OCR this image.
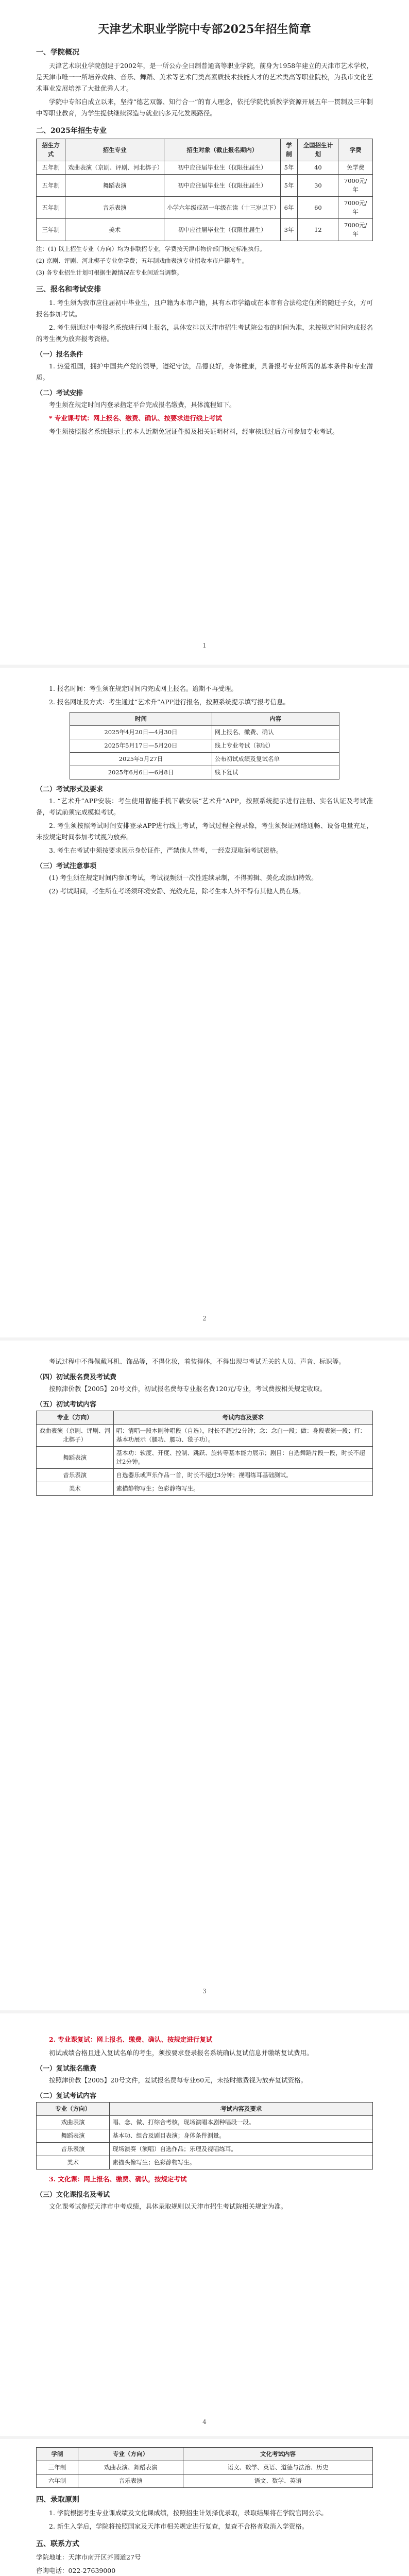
天津艺术职业学院中专部2025年招生简章
一、学院概况

天津艺术职业学院创建于2002年，是一所公办全日制普通高等职业学院，前身为1958年建立的天津市艺术学校，是天津市唯一一所培养戏曲、音乐、舞蹈、美术等艺术门类高素质技术技能人才的艺术类高等职业院校，为我市文化艺术事业发展培养了大批优秀人才。

学院中专部自成立以来，坚持“德艺双馨、知行合一”的育人理念，依托学院优质教学资源开展五年一贯制及三年制中等职业教育，为学生提供继续深造与就业的多元化发展路径。

二、2025年招生专业
招生方式	招生专业	招生对象（截止报名期内）	学制	全国招生计划	学费
五年制	戏曲表演（京剧、评剧、河北梆子）	初中应往届毕业生（仅限往届生）	5年	40	免学费
五年制	舞蹈表演	初中应往届毕业生（仅限往届生）	5年	30	7000元/年
五年制	音乐表演	小学六年级或初一年级在读（十三岁以下）	6年	60	7000元/年
三年制	美术	初中应往届毕业生（仅限往届生）	3年	12	7000元/年

注：(1) 以上招生专业（方向）均为非联招专业，学费按天津市物价部门核定标准执行。

(2) 京剧、评剧、河北梆子专业免学费；五年制戏曲表演专业招收本市户籍考生。

(3) 各专业招生计划可根据生源情况在专业间适当调整。

三、报名和考试安排

1. 考生须为我市应往届初中毕业生，且户籍为本市户籍，具有本市学籍或在本市有合法稳定住所的随迁子女，方可报名参加考试。

2. 考生须通过中考报名系统进行网上报名，具体安排以天津市招生考试院公布的时间为准，未按规定时间完成报名的考生视为放弃报考资格。

（一）报名条件

1. 热爱祖国，拥护中国共产党的领导，遵纪守法，品德良好，身体健康，具备报考专业所需的基本条件和专业潜质。

（二）考试安排

考生须在规定时间内登录指定平台完成报名缴费，具体流程如下。

* 专业课考试：网上报名、缴费、确认、按要求进行线上考试

考生须按照报名系统提示上传本人近期免冠证件照及相关证明材料，经审核通过后方可参加专业考试。

1

1. 报名时间：考生须在规定时间内完成网上报名。逾期不再受理。

2. 报名网址及方式：考生通过“艺术升”APP进行报名，按照系统提示填写报考信息。

时间	内容
2025年4月20日—4月30日	网上报名、缴费、确认
2025年5月17日—5月20日	线上专业考试（初试）
2025年5月27日	公布初试成绩及复试名单
2025年6月6日—6月8日	线下复试
（二）考试形式及要求

1. “艺术升”APP安装：考生使用智能手机下载安装“艺术升”APP，按照系统提示进行注册、实名认证及考试准备，考试前须完成模拟考试。

2. 考生须按照考试时间安排登录APP进行线上考试，考试过程全程录像，考生须保证网络通畅、设备电量充足，未按规定时间参加考试视为放弃。

3. 考生在考试中须按要求展示身份证件，严禁他人替考，一经发现取消考试资格。

（三）考试注意事项

(1) 考生须在规定时间内参加考试，考试视频须一次性连续录制，不得剪辑、美化或添加特效。

(2) 考试期间，考生所在考场须环境安静、光线充足，除考生本人外不得有其他人员在场。

2

考试过程中不得佩戴耳机、饰品等，不得化妆，着装得体，不得出现与考试无关的人员、声音、标识等。

（四）初试报名费及考试费

按照津价教【2005】20号文件，初试报名费每专业报名费120元/专业，考试费按相关规定收取。

（五）初试考试内容
专业（方向）	考试内容及要求
戏曲表演（京剧、评剧、河北梆子）	唱：清唱一段本剧种唱段（自选），时长不超过2分钟；念：念白一段；做：身段表演一段；打：基本功展示（腿功、腰功、毯子功）。
舞蹈表演	基本功：软度、开度、控制、跳跃、旋转等基本能力展示；剧目：自选舞蹈片段一段，时长不超过2分钟。
音乐表演	自选器乐或声乐作品一首，时长不超过3分钟；视唱练耳基础测试。
美术	素描静物写生；色彩静物写生。
3

2. 专业课复试：网上报名、缴费、确认、按规定进行复试

初试成绩合格且进入复试名单的考生，须按要求登录报名系统确认复试信息并缴纳复试费用。

（一）复试报名缴费

按照津价教【2005】20号文件，复试报名费每专业60元，未按时缴费视为放弃复试资格。

（二）复试考试内容
专业（方向）	考试内容及要求
戏曲表演	唱、念、做、打综合考核，现场演唱本剧种唱段一段。
舞蹈表演	基本功、组合及剧目表演；身体条件测量。
音乐表演	现场演奏（演唱）自选作品；乐理及视唱练耳。
美术	素描头像写生；色彩静物写生。

3. 文化课：网上报名、缴费、确认，按规定考试

（三）文化课报名及考试

文化课考试参照天津市中考成绩，具体录取规则以天津市招生考试院相关规定为准。

4
学制	专业（方向）	文化考试内容
三年制	戏曲表演、舞蹈表演	语文、数学、英语、道德与法治、历史
六年制	音乐表演	语文、数学、英语
四、录取原则

1. 学院根据考生专业课成绩及文化课成绩，按照招生计划择优录取，录取结果将在学院官网公示。

2. 新生入学后，学院将按照国家及天津市相关规定进行复查，复查不合格者取消入学资格。

五、联系方式

学院地址：天津市南开区芥园道27号

咨询电话：022-27639000
